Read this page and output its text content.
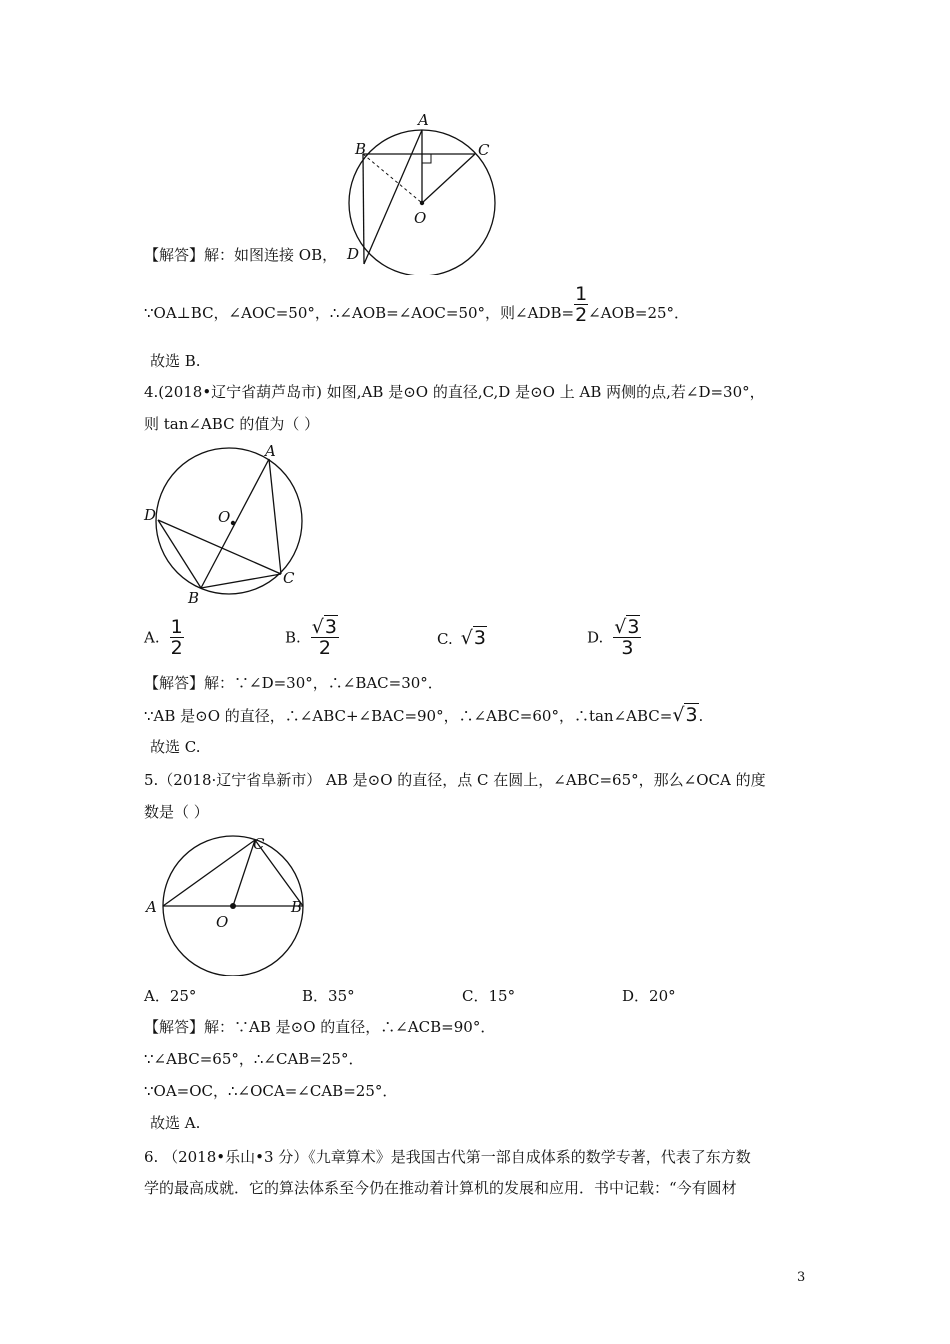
A
B	C
O
D
【解答】解：如图连接 OB，
∵OA⊥BC，∠AOC=50°，∴∠AOB=∠AOC=50°，则∠ADB= $\frac{1}{2}$ ∠AOB=25°．
故选 B.
4.(2018•辽宁省葫芦岛市) 如图,AB 是⊙O 的直径,C,D 是⊙O 上 AB 两侧的点,若∠D=30°，
则 tan∠ABC 的值为（ ）
A
O
D
B
C
A. $\frac{1}{2}$	B. $\frac{√3}{2}$	C. √3	D. $\frac{√3}{3}$
【解答】解：∵∠D=30°，∴∠BAC=30°．
∵AB 是⊙O 的直径，∴∠ABC+∠BAC=90°，∴∠ABC=60°，∴tan∠ABC=√3.
故选 C.
5.（2018·辽宁省阜新市） AB 是⊙O 的直径，点 C 在圆上，∠ABC=65°，那么∠OCA 的度
数是（ ）
A
O
B
C
A．25°	B．35°	C．15°	D．20°
【解答】解：∵AB 是⊙O 的直径，∴∠ACB=90°．
∵∠ABC=65°，∴∠CAB=25°．
∵OA=OC，∴∠OCA=∠CAB=25°．
故选 A.
6. （2018•乐山•3 分）《九章算术》是我国古代第一部自成体系的数学专著，代表了东方数
学的最高成就．它的算法体系至今仍在推动着计算机的发展和应用．书中记载：“今有圆材
3
